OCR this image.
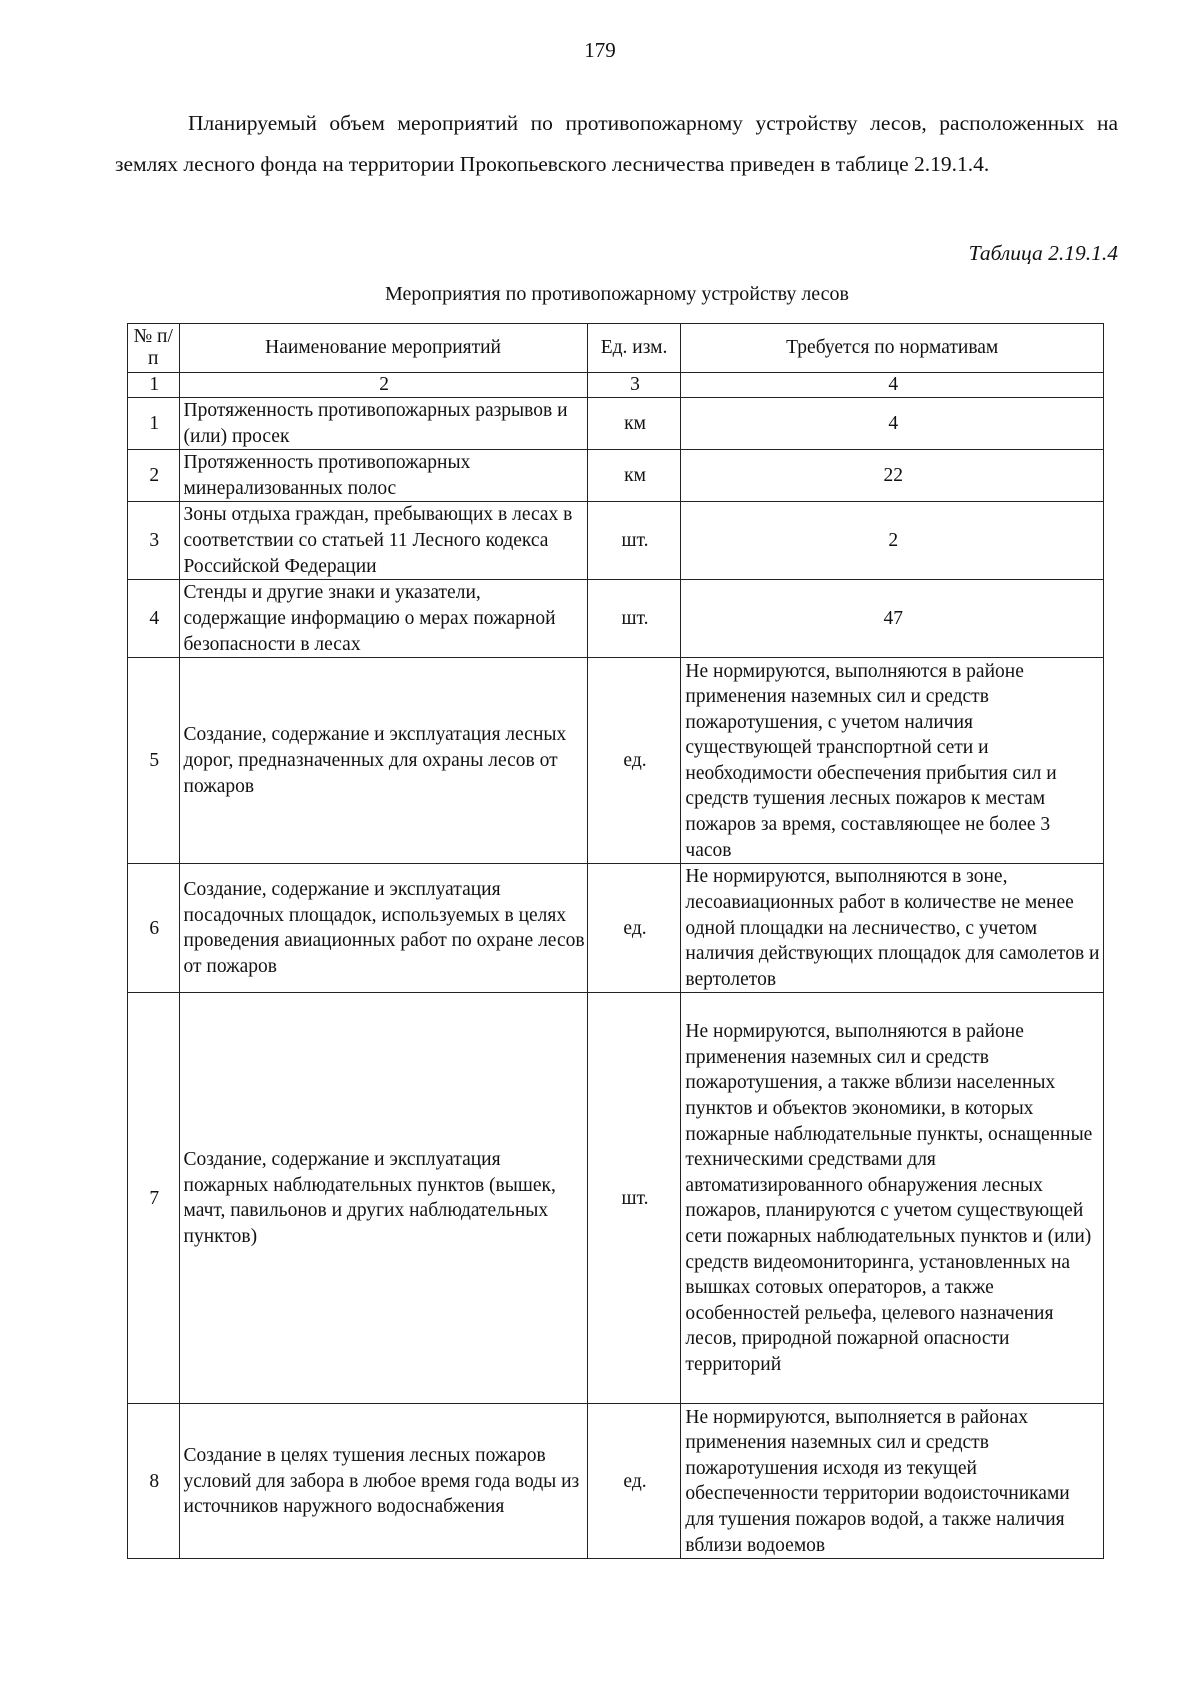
179

Планируемый объем мероприятий по противопожарному устройству лесов, расположенных на землях лесного фонда на территории Прокопьевского лесничества приведен в таблице 2.19.1.4.

Таблица 2.19.1.4
Мероприятия по противопожарному устройству лесов
№ п/п	Наименование мероприятий	Ед. изм.	Требуется по нормативам
1	2	3	4
1	Протяженность противопожарных разрывов и (или) просек	км	4
2	Протяженность противопожарных минерализованных полос	км	22
3	Зоны отдыха граждан, пребывающих в лесах в соответствии со статьей 11 Лесного кодекса Российской Федерации	шт.	2
4	Стенды и другие знаки и указатели, содержащие информацию о мерах пожарной безопасности в лесах	шт.	47
5	Создание, содержание и эксплуатация лесных дорог, предназначенных для охраны лесов от пожаров	ед.	Не нормируются, выполняются в районе применения наземных сил и средств пожаротушения, с учетом наличия существующей транспортной сети и необходимости обеспечения прибытия сил и средств тушения лесных пожаров к местам пожаров за время, составляющее не более 3 часов
6	Создание, содержание и эксплуатация посадочных площадок, используемых в целях проведения авиационных работ по охране лесов от пожаров	ед.	Не нормируются, выполняются в зоне, лесоавиационных работ в количестве не менее одной площадки на лесничество, с учетом наличия действующих площадок для самолетов и вертолетов
7	Создание, содержание и эксплуатация пожарных наблюдательных пунктов (вышек, мачт, павильонов и других наблюдательных пунктов)	шт.	Не нормируются, выполняются в районе применения наземных сил и средств пожаротушения, а также вблизи населенных пунктов и объектов экономики, в которых пожарные наблюдательные пункты, оснащенные техническими средствами для автоматизированного обнаружения лесных пожаров, планируются с учетом существующей сети пожарных наблюдательных пунктов и (или) средств видеомониторинга, установленных на вышках сотовых операторов, а также особенностей рельефа, целевого назначения лесов, природной пожарной опасности территорий
8	Создание в целях тушения лесных пожаров условий для забора в любое время года воды из источников наружного водоснабжения	ед.	Не нормируются, выполняется в районах применения наземных сил и средств пожаротушения исходя из текущей обеспеченности территории водоисточниками для тушения пожаров водой, а также наличия вблизи водоемов
